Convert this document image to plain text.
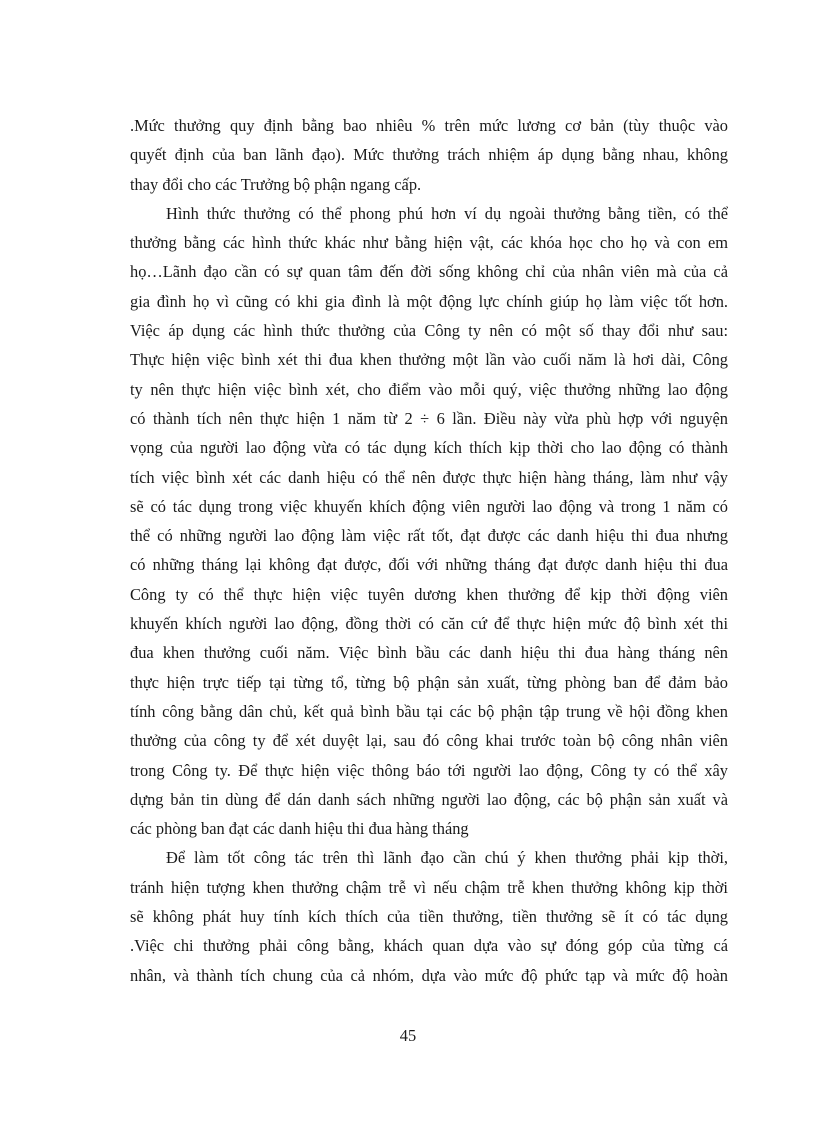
.Mức thưởng quy định bằng bao nhiêu % trên mức lương cơ bản (tùy thuộc vào
quyết định của ban lãnh đạo). Mức thưởng trách nhiệm áp dụng bằng nhau, không
thay đổi cho các Trưởng bộ phận ngang cấp.
Hình thức thưởng có thể phong phú hơn ví dụ ngoài thưởng bằng tiền, có thể
thưởng bằng các hình thức khác như bằng hiện vật, các khóa học cho họ và con em
họ…Lãnh đạo cần có sự quan tâm đến đời sống không chỉ của nhân viên mà của cả
gia đình họ vì cũng có khi gia đình là một động lực chính giúp họ làm việc tốt hơn.
Việc áp dụng các hình thức thưởng của Công ty nên có một số thay đổi như sau:
Thực hiện việc bình xét thi đua khen thưởng một lần vào cuối năm là hơi dài, Công
ty nên thực hiện việc bình xét, cho điểm vào mỗi quý, việc thưởng những lao động
có thành tích nên thực hiện 1 năm từ 2 ÷ 6 lần. Điều này vừa phù hợp với nguyện
vọng của người lao động vừa có tác dụng kích thích kịp thời cho lao động có thành
tích việc bình xét các danh hiệu có thể nên được thực hiện hàng tháng, làm như vậy
sẽ có tác dụng trong việc khuyến khích động viên người lao động và trong 1 năm có
thể có những người lao động làm việc rất tốt, đạt được các danh hiệu thi đua nhưng
có những tháng lại không đạt được, đối với những tháng đạt được danh hiệu thi đua
Công ty có thể thực hiện việc tuyên dương khen thưởng để kịp thời động viên
khuyến khích người lao động, đồng thời có căn cứ để thực hiện mức độ bình xét thi
đua khen thưởng cuối năm. Việc bình bầu các danh hiệu thi đua hàng tháng nên
thực hiện trực tiếp tại từng tổ, từng bộ phận sản xuất, từng phòng ban để đảm bảo
tính công bằng dân chủ, kết quả bình bầu tại các bộ phận tập trung về hội đồng khen
thưởng của công ty để xét duyệt lại, sau đó công khai trước toàn bộ công nhân viên
trong Công ty. Để thực hiện việc thông báo tới người lao động, Công ty có thể xây
dựng bản tin dùng để dán danh sách những người lao động, các bộ phận sản xuất và
các phòng ban đạt các danh hiệu thi đua hàng tháng
Để làm tốt công tác trên thì lãnh đạo cần chú ý khen thưởng phải kịp thời,
tránh hiện tượng khen thưởng chậm trễ vì nếu chậm trễ khen thưởng không kịp thời
sẽ không phát huy tính kích thích của tiền thưởng, tiền thưởng sẽ ít có tác dụng
.Việc chi thưởng phải công bằng, khách quan dựa vào sự đóng góp của từng cá
nhân, và thành tích chung của cả nhóm, dựa vào mức độ phức tạp và mức độ hoàn
45
